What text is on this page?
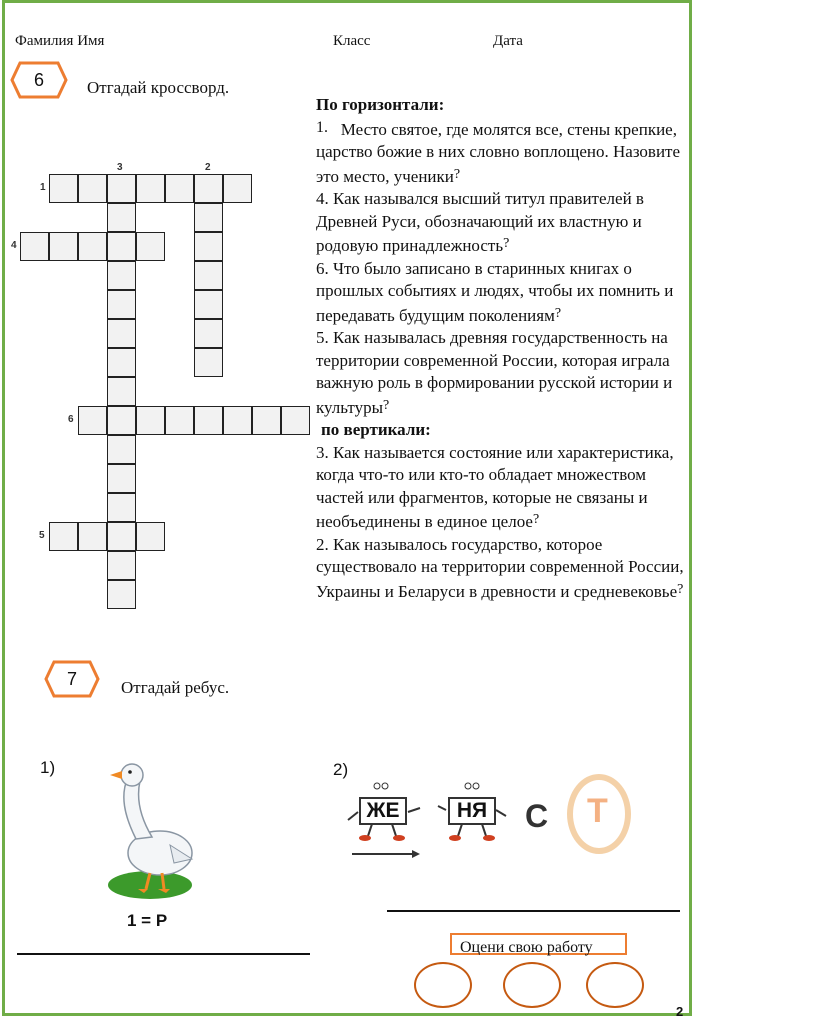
Фамилия Имя	Класс	Дата
6	Отгадай кроссворд.
3	2
1
4
6
5

По горизонтали:

1. Место святое, где молятся все, стены крепкие, царство божие в них словно воплощено. Назовите это место, ученики?

4. Как назывался высший титул правителей в Древней Руси, обозначающий их властную и родовую принадлежность?

6. Что было записано в старинных книгах о прошлых событиях и людях, чтобы их помнить и передавать будущим поколениям?

5. Как называлась древняя государственность на территории современной России, которая играла важную роль в формировании русской истории и культуры?

по вертикали:

3. Как называется состояние или характеристика, когда что-то или кто-то обладает множеством частей или фрагментов, которые не связаны и необъединены в единое целое?

2. Как называлось государство, которое существовало на территории современной России, Украины и Беларуси в древности и средневековье?

7	Отгадай ребус.
1)
1 = Р
2)
ЖЕ	НЯ С Т
Оцени свою работу
2
